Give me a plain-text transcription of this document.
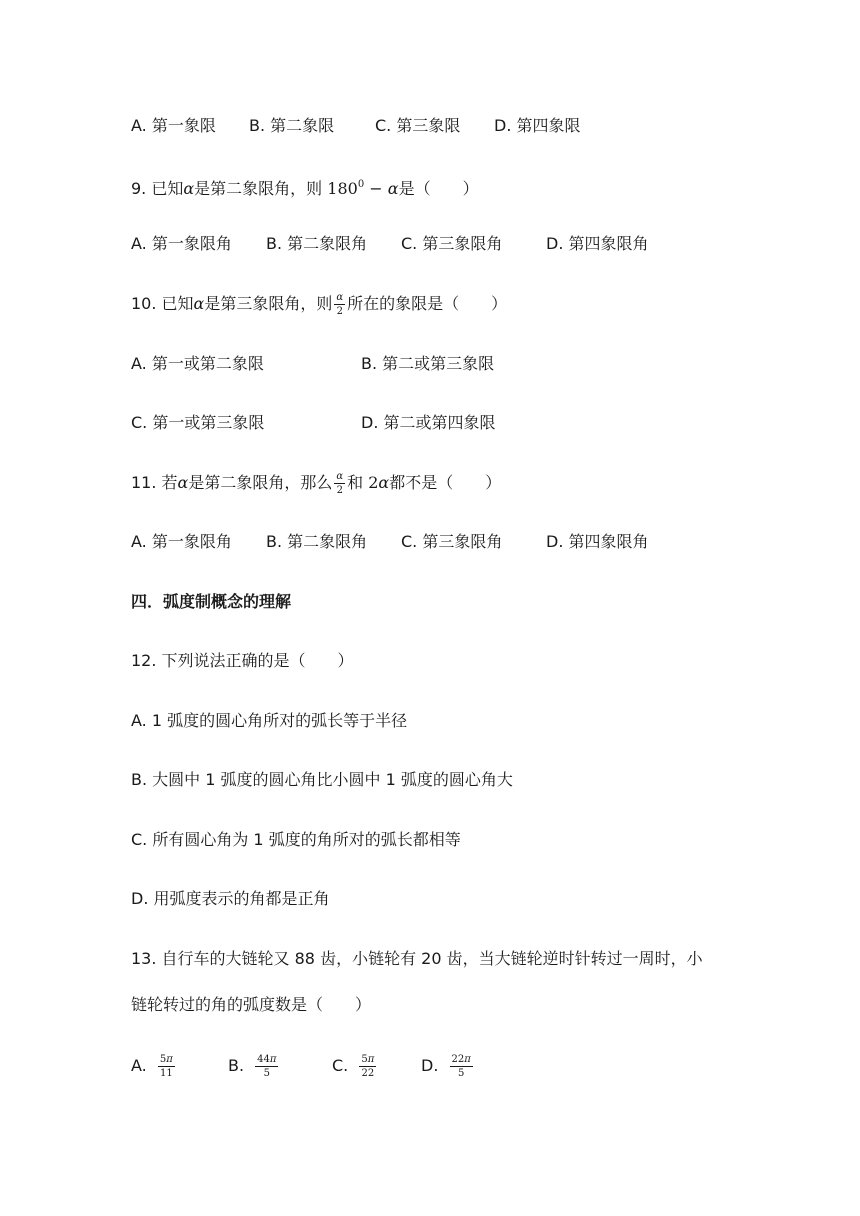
A. 第一象限 B. 第二象限	C. 第三象限 D. 第四象限
9. 已知α是第二象限角，则 $180^0 - \alpha$是（　　）
A. 第一象限角 B. 第二象限角 C. 第三象限角	D. 第四象限角
10. 已知α是第三象限角，则 $\frac{\alpha}{2}$ 所在的象限是（　　）
A. 第一或第二象限	B. 第二或第三象限
C. 第一或第三象限	D. 第二或第四象限
11. 若α是第二象限角，那么 $\frac{\alpha}{2}$ 和 2α都不是（　　）
A. 第一象限角 B. 第二象限角 C. 第三象限角	D. 第四象限角
四．弧度制概念的理解
12. 下列说法正确的是（　　）
A. 1 弧度的圆心角所对的弧长等于半径
B. 大圆中 1 弧度的圆心角比小圆中 1 弧度的圆心角大
C. 所有圆心角为 1 弧度的角所对的弧长都相等
D. 用弧度表示的角都是正角
13. 自行车的大链轮又 88 齿，小链轮有 20 齿，当大链轮逆时针转过一周时，小
链轮转过的角的弧度数是（　　）
A. $\frac{5\pi}{11}$	B. $\frac{44\pi}{5}$	C. $\frac{5\pi}{22}$	D. $\frac{22\pi}{5}$
